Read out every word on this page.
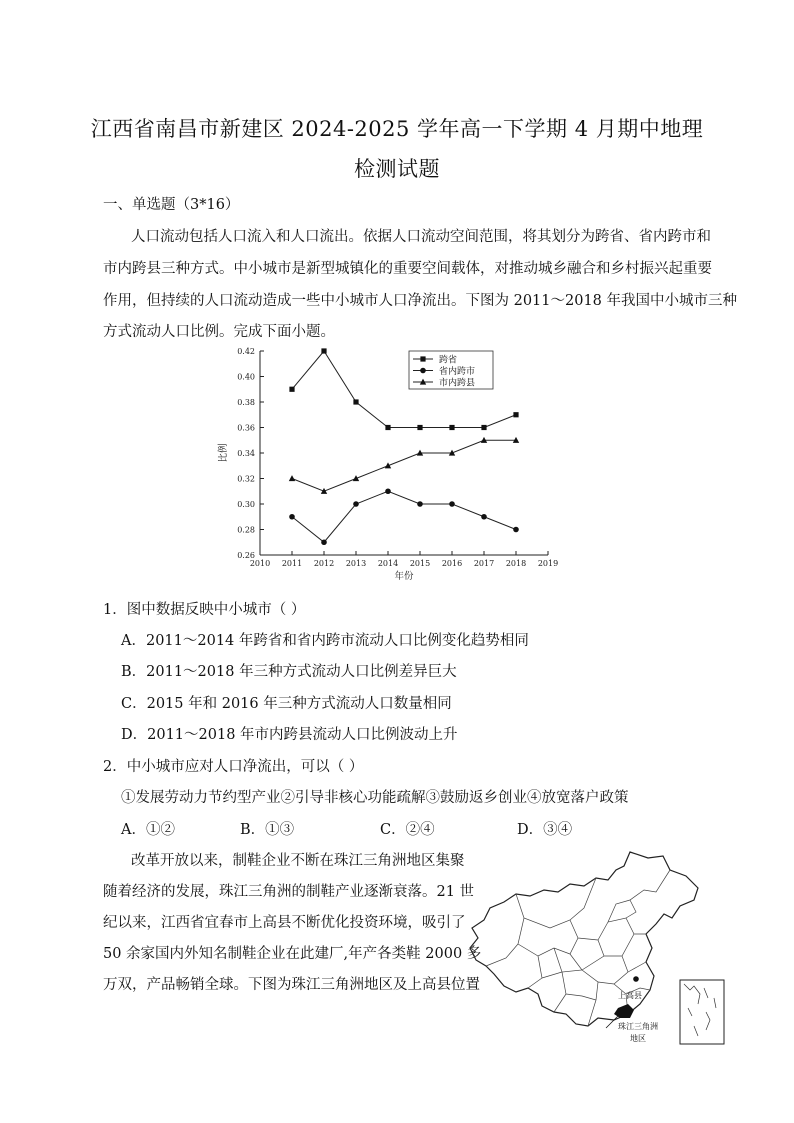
江西省南昌市新建区 2024-2025 学年高一下学期 4 月期中地理
检测试题
一、单选题（3*16）
人口流动包括人口流入和人口流出。依据人口流动空间范围，将其划分为跨省、省内跨市和
市内跨县三种方式。中小城市是新型城镇化的重要空间载体，对推动城乡融合和乡村振兴起重要
作用，但持续的人口流动造成一些中小城市人口净流出。下图为 2011～2018 年我国中小城市三种
方式流动人口比例。完成下面小题。
0.26
0.28
0.30
0.32
0.34
0.36
0.38
0.40
0.42
2010 2011 2012 2013 2014 2015 2016 2017 2018 2019
年份
比例
跨省
省内跨市
市内跨县
1．图中数据反映中小城市（ ）
A．2011～2014 年跨省和省内跨市流动人口比例变化趋势相同
B．2011～2018 年三种方式流动人口比例差异巨大
C．2015 年和 2016 年三种方式流动人口数量相同
D．2011～2018 年市内跨县流动人口比例波动上升
2．中小城市应对人口净流出，可以（ ）
①发展劳动力节约型产业②引导非核心功能疏解③鼓励返乡创业④放宽落户政策
A．①②	B．①③	C．②④	D．③④
改革开放以来，制鞋企业不断在珠江三角洲地区集聚
随着经济的发展，珠江三角洲的制鞋产业逐渐衰落。21 世
纪以来，江西省宜春市上高县不断优化投资环境，吸引了
50 余家国内外知名制鞋企业在此建厂,年产各类鞋 2000 多
万双，产品畅销全球。下图为珠江三角洲地区及上高县位置
上高县
珠江三角洲
地区
